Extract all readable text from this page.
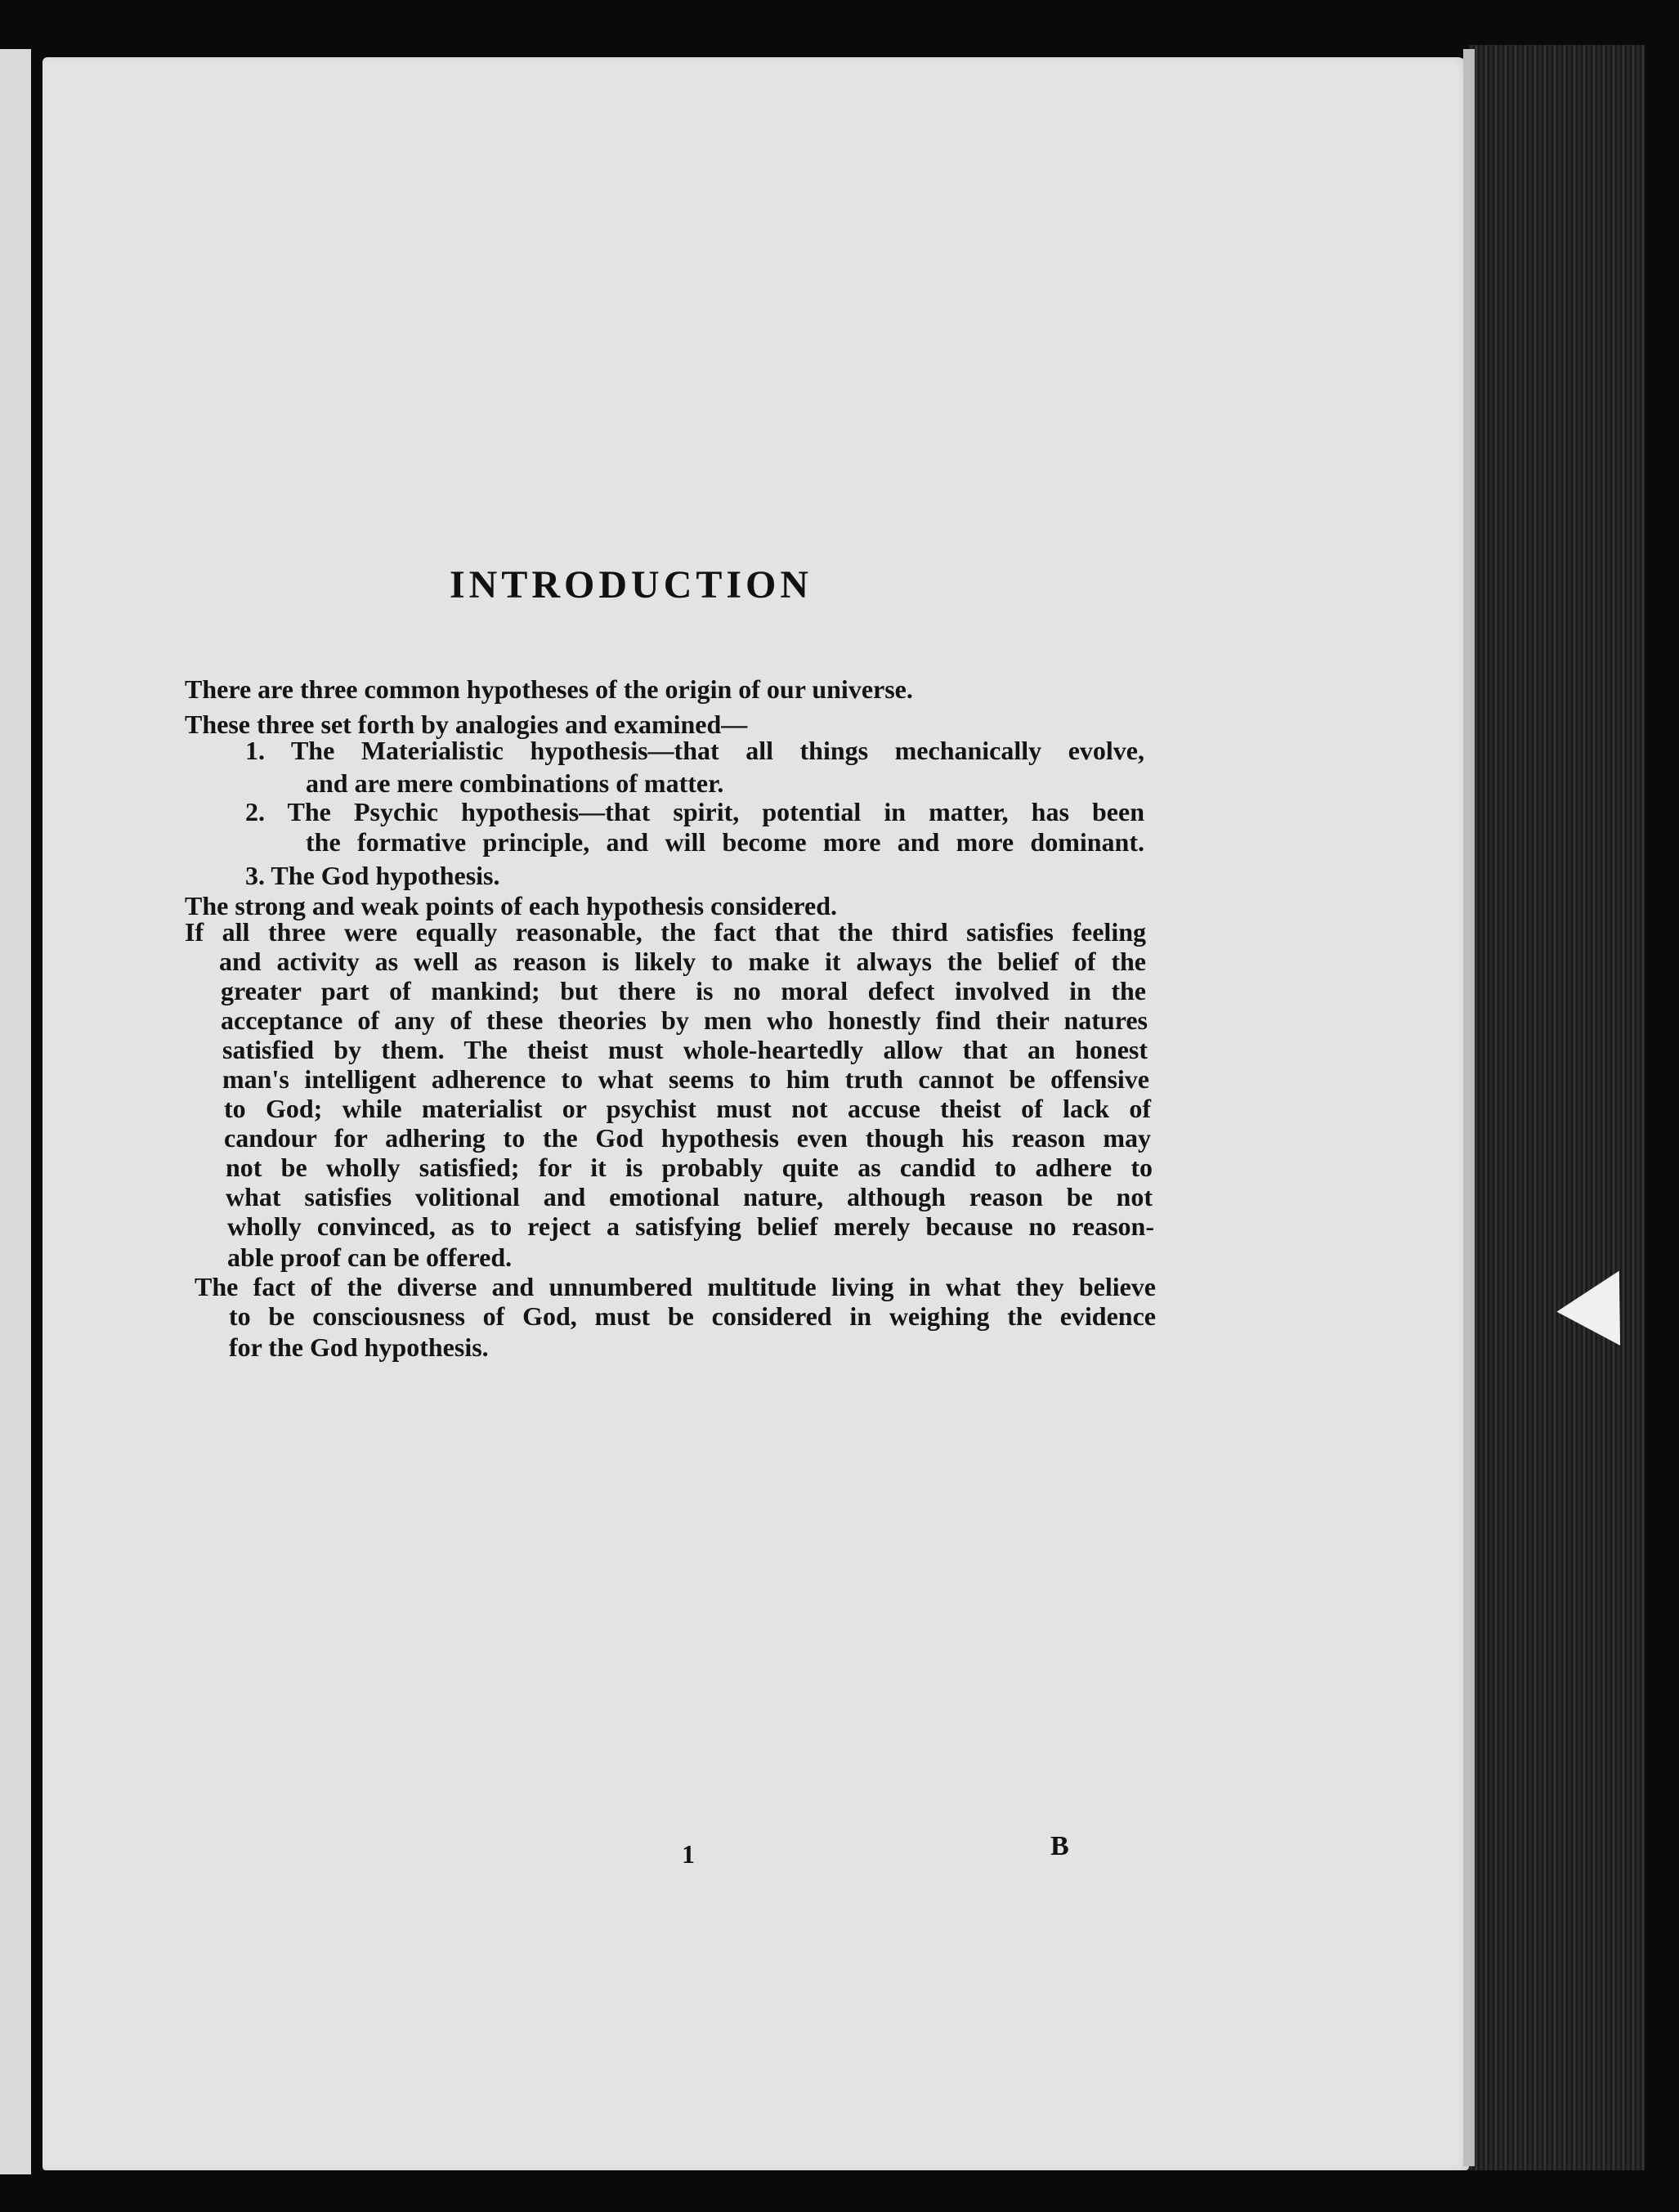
INTRODUCTION
There are three common hypotheses of the origin of our universe.
These three set forth by analogies and examined—
1. The Materialistic hypothesis—that all things mechanically evolve,
and are mere combinations of matter.
2. The Psychic hypothesis—that spirit, potential in matter, has been
the formative principle, and will become more and more dominant.
3. The God hypothesis.
The strong and weak points of each hypothesis considered.
If all three were equally reasonable, the fact that the third satisfies feeling
and activity as well as reason is likely to make it always the belief of the
greater part of mankind; but there is no moral defect involved in the
acceptance of any of these theories by men who honestly find their natures
satisfied by them. The theist must whole-heartedly allow that an honest
man's intelligent adherence to what seems to him truth cannot be offensive
to God; while materialist or psychist must not accuse theist of lack of
candour for adhering to the God hypothesis even though his reason may
not be wholly satisfied; for it is probably quite as candid to adhere to
what satisfies volitional and emotional nature, although reason be not
wholly convinced, as to reject a satisfying belief merely because no reason-
able proof can be offered.
The fact of the diverse and unnumbered multitude living in what they believe
to be consciousness of God, must be considered in weighing the evidence
for the God hypothesis.
1	B
